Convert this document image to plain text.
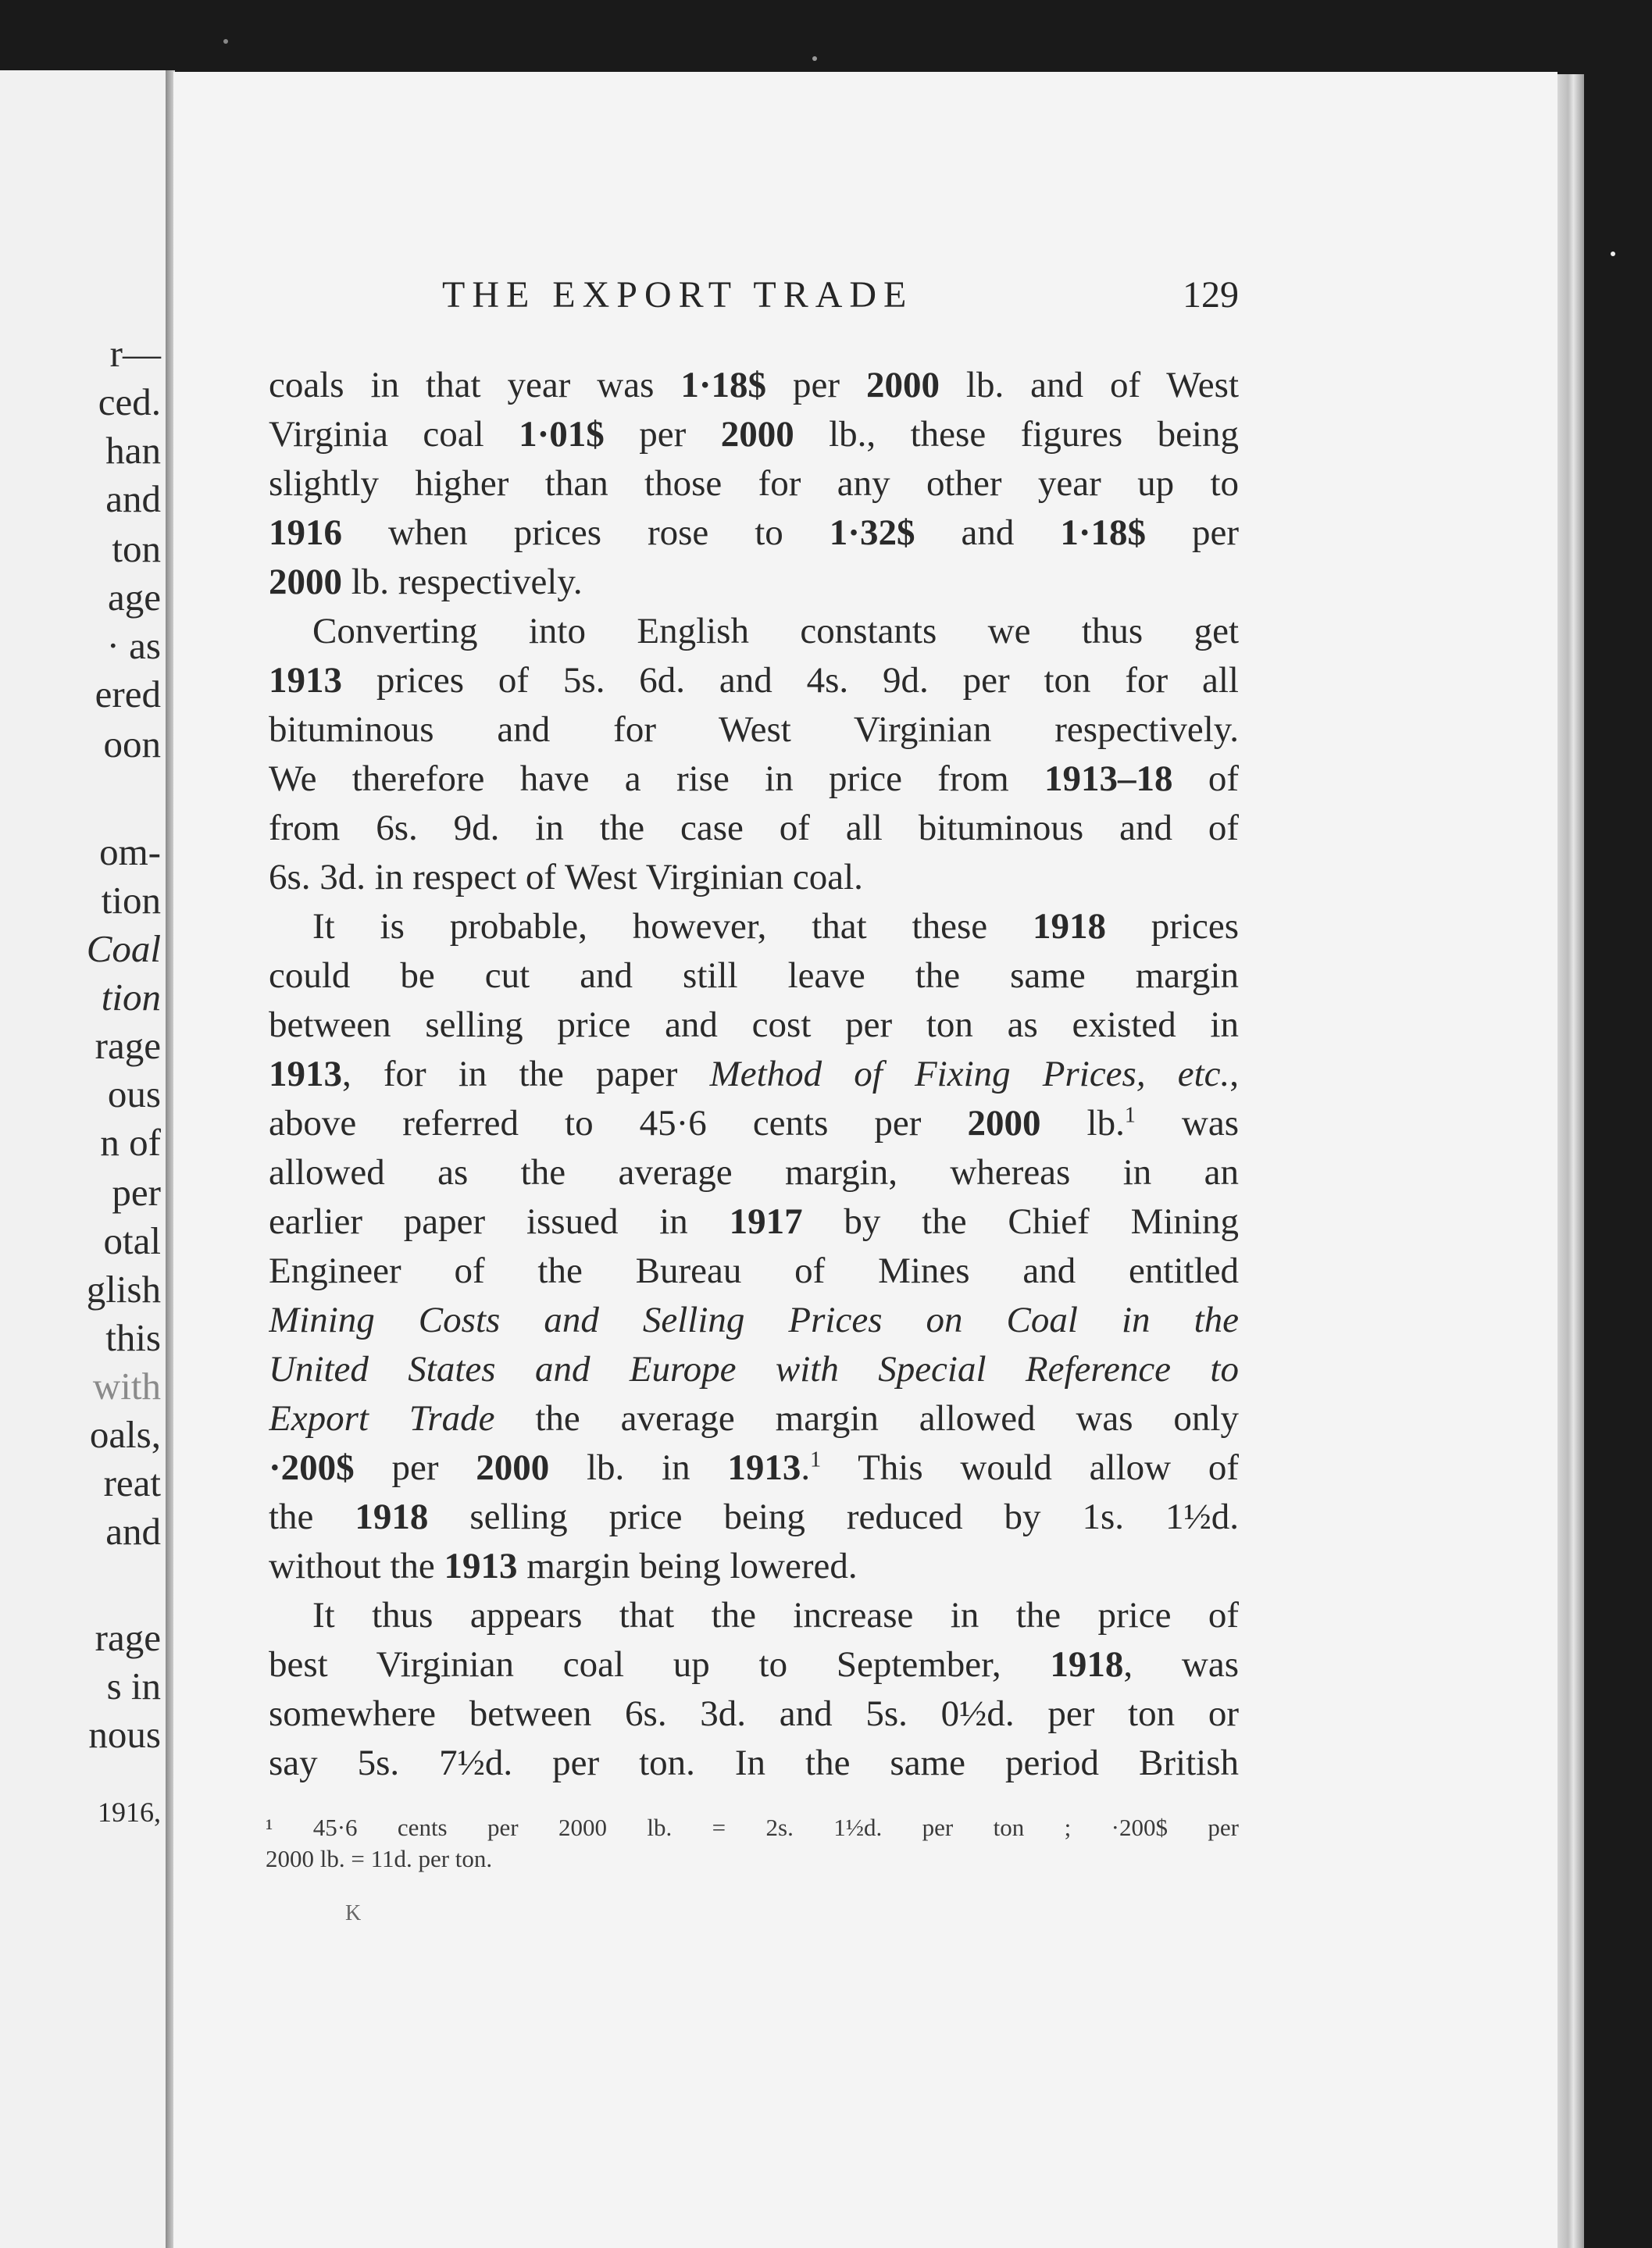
r—
ced.
han
and
ton
age
· as
ered
oon
om-
tion
Coal
tion
rage
ous
n of
per
otal
glish
this
with
oals,
reat
and
rage
s in
nous
1916,
THE EXPORT TRADE	129
coals in that year was 1·18$ per 2000 lb. and of West
Virginia coal 1·01$ per 2000 lb., these figures being
slightly higher than those for any other year up to
1916 when prices rose to 1·32$ and 1·18$ per
2000 lb. respectively.
Converting into English constants we thus get
1913 prices of 5s. 6d. and 4s. 9d. per ton for all
bituminous and for West Virginian respectively.
We therefore have a rise in price from 1913–18 of
from 6s. 9d. in the case of all bituminous and of
6s. 3d. in respect of West Virginian coal.
It is probable, however, that these 1918 prices
could be cut and still leave the same margin
between selling price and cost per ton as existed in
1913, for in the paper Method of Fixing Prices, etc.,
above referred to 45·6 cents per 2000 lb.$^1$ was
allowed as the average margin, whereas in an
earlier paper issued in 1917 by the Chief Mining
Engineer of the Bureau of Mines and entitled
Mining Costs and Selling Prices on Coal in the
United States and Europe with Special Reference to
Export Trade the average margin allowed was only
·200$ per 2000 lb. in 1913.$^1$ This would allow of
the 1918 selling price being reduced by 1s. 1½d.
without the 1913 margin being lowered.
It thus appears that the increase in the price of
best Virginian coal up to September, 1918, was
somewhere between 6s. 3d. and 5s. 0½d. per ton or
say 5s. 7½d. per ton. In the same period British
¹ 45·6 cents per 2000 lb. = 2s. 1½d. per ton ; ·200$ per
2000 lb. = 11d. per ton.
K
